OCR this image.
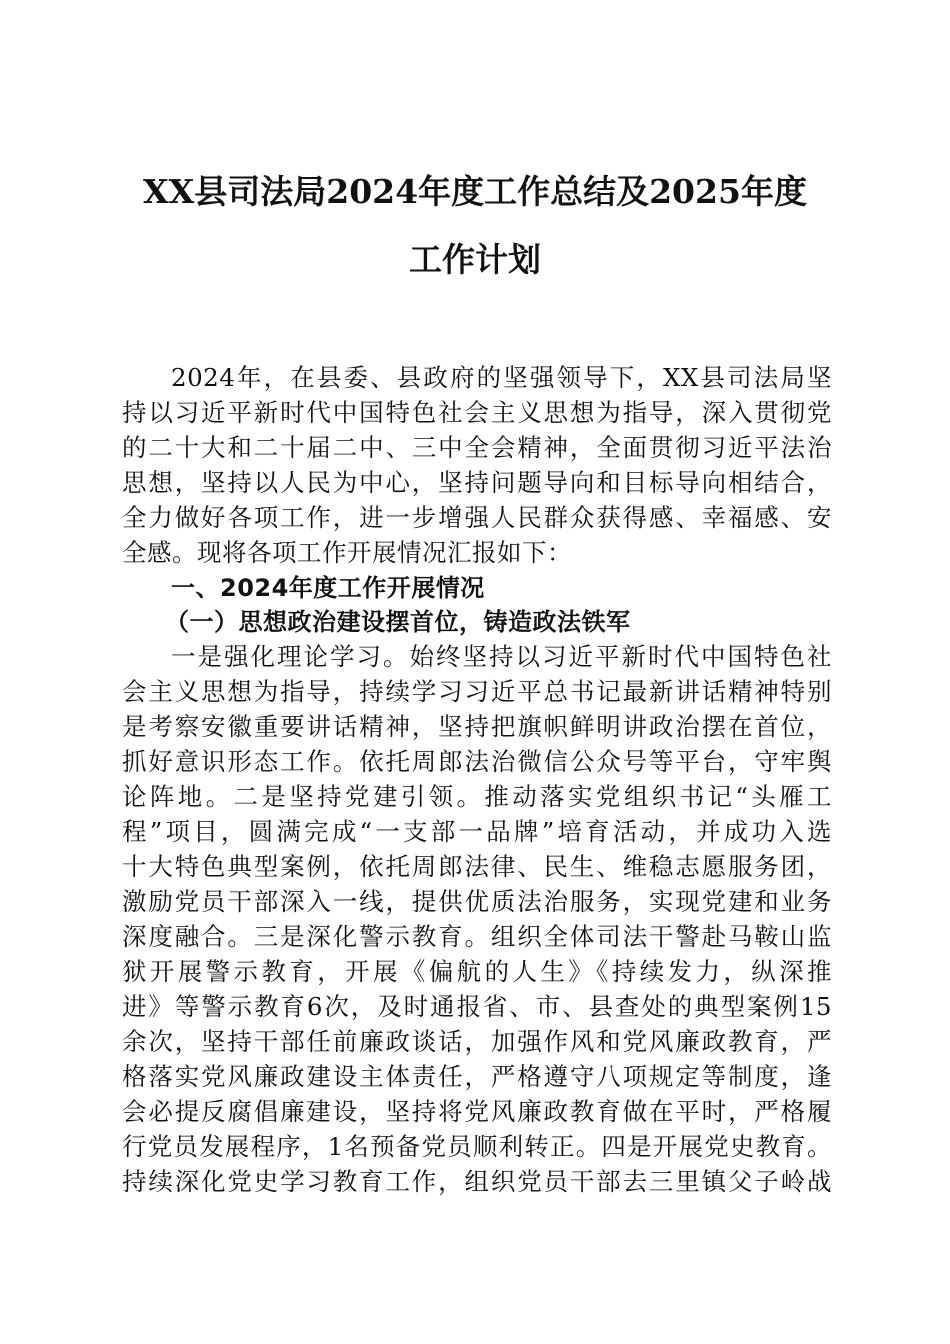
XX县司法局2024年度工作总结及2025年度
工作计划
2024年，在县委、县政府的坚强领导下，XX县司法局坚
持以习近平新时代中国特色社会主义思想为指导，深入贯彻党
的二十大和二十届二中、三中全会精神，全面贯彻习近平法治
思想，坚持以人民为中心，坚持问题导向和目标导向相结合，
全力做好各项工作，进一步增强人民群众获得感、幸福感、安
全感。现将各项工作开展情况汇报如下：
一、2024年度工作开展情况
（一）思想政治建设摆首位，铸造政法铁军
一是强化理论学习。始终坚持以习近平新时代中国特色社
会主义思想为指导，持续学习习近平总书记最新讲话精神特别
是考察安徽重要讲话精神，坚持把旗帜鲜明讲政治摆在首位，
抓好意识形态工作。依托周郎法治微信公众号等平台，守牢舆
论阵地。二是坚持党建引领。推动落实党组织书记“头雁工
程”项目，圆满完成“一支部一品牌”培育活动，并成功入选
十大特色典型案例，依托周郎法律、民生、维稳志愿服务团，
激励党员干部深入一线，提供优质法治服务，实现党建和业务
深度融合。三是深化警示教育。组织全体司法干警赴马鞍山监
狱开展警示教育，开展《偏航的人生》《持续发力，纵深推
进》等警示教育6次，及时通报省、市、县查处的典型案例15
余次，坚持干部任前廉政谈话，加强作风和党风廉政教育，严
格落实党风廉政建设主体责任，严格遵守八项规定等制度，逢
会必提反腐倡廉建设，坚持将党风廉政教育做在平时，严格履
行党员发展程序，1名预备党员顺利转正。四是开展党史教育。
持续深化党史学习教育工作，组织党员干部去三里镇父子岭战
